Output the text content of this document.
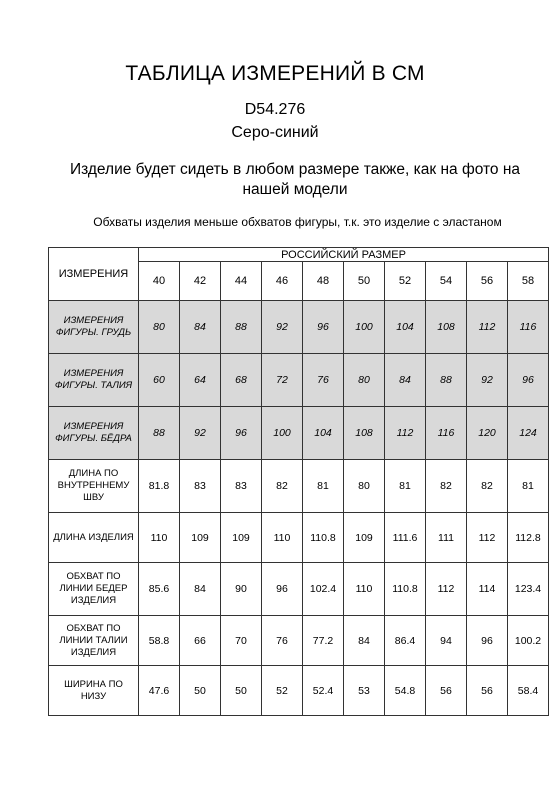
ТАБЛИЦА ИЗМЕРЕНИЙ В СМ
D54.276
Серо-синий
Изделие будет сидеть в любом размере также, как на фото на нашей модели
Обхваты изделия меньше обхватов фигуры, т.к. это изделие с эластаном
ИЗМЕРЕНИЯ	РОССИЙСКИЙ РАЗМЕР									
	40	42	44	46	48	50	52	54	56	58
ИЗМЕРЕНИЯ ФИГУРЫ. ГРУДЬ	80	84	88	92	96	100	104	108	112	116
ИЗМЕРЕНИЯ ФИГУРЫ. ТАЛИЯ	60	64	68	72	76	80	84	88	92	96
ИЗМЕРЕНИЯ ФИГУРЫ. БЁДРА	88	92	96	100	104	108	112	116	120	124
ДЛИНА ПО ВНУТРЕННЕМУ ШВУ	81.8	83	83	82	81	80	81	82	82	81
ДЛИНА ИЗДЕЛИЯ	110	109	109	110	110.8	109	111.6	111	112	112.8
ОБХВАТ ПО ЛИНИИ БЕДЕР ИЗДЕЛИЯ	85.6	84	90	96	102.4	110	110.8	112	114	123.4
ОБХВАТ ПО ЛИНИИ ТАЛИИ ИЗДЕЛИЯ	58.8	66	70	76	77.2	84	86.4	94	96	100.2
ШИРИНА ПО НИЗУ	47.6	50	50	52	52.4	53	54.8	56	56	58.4
